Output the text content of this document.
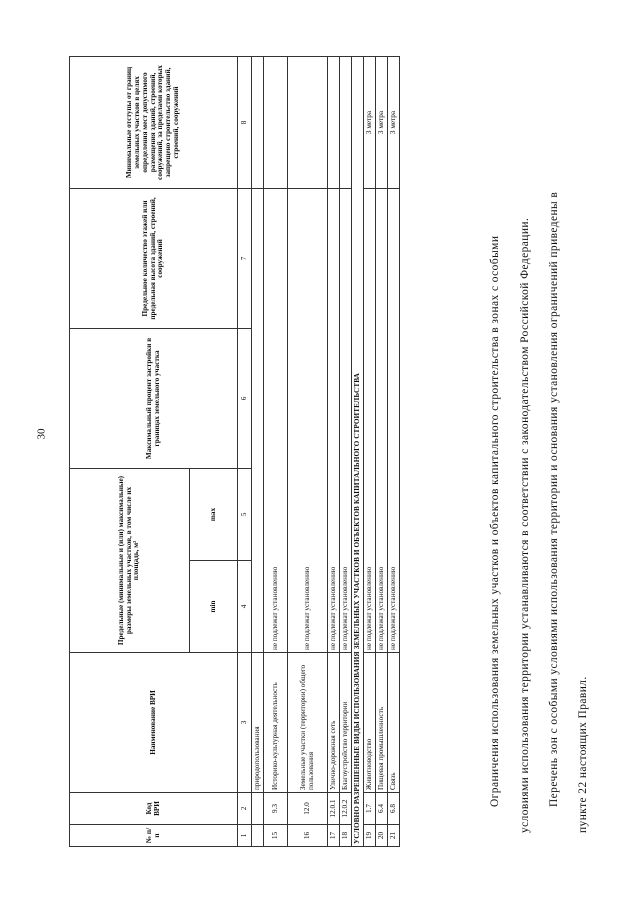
30
№ п/п	Код ВРИ	Наименование ВРИ	Предельные (минимальные и (или) максимальные) размеры земельных участков, в том числе их площадь, м²		Максимальный процент застройки в границах земельного участка	Предельное количество этажей или предельная высота зданий, строений, сооружений	Минимальные отступы от границ земельных участков в целях определения мест допустимого размещения зданий, строений, сооружений, за пределами которых запрещено строительство зданий, строений, сооружений
			min	max			
1	2	3	4	5	6	7	8
		природопользования					
15	9.3	Историко-культурная деятельность	не подлежат установлению				
16	12.0	Земельные участки (территории) общего пользования	не подлежат установлению				
17	12.0.1	Улично-дорожная сеть	не подлежат установлению				
18	12.0.2	Благоустройство территории	не подлежат установлению				
УСЛОВНО РАЗРЕШЕННЫЕ ВИДЫ ИСПОЛЬЗОВАНИЯ ЗЕМЕЛЬНЫХ УЧАСТКОВ И ОБЪЕКТОВ КАПИТАЛЬНОГО СТРОИТЕЛЬСТВА							
19	1.7	Животноводство	не подлежат установлению				3 метра
20	6.4	Пищевая промышленность	не подлежат установлению				3 метра
21	6.8	Связь	не подлежат установлению				3 метра
Ограничения использования земельных участков и объектов капитального строительства в зонах с особыми условиями использования территории устанавливаются в соответствии с законодательством Российской Федерации. Перечень зон с особыми условиями использования территории и основания установления ограничений приведены в пункте 22 настоящих Правил.
